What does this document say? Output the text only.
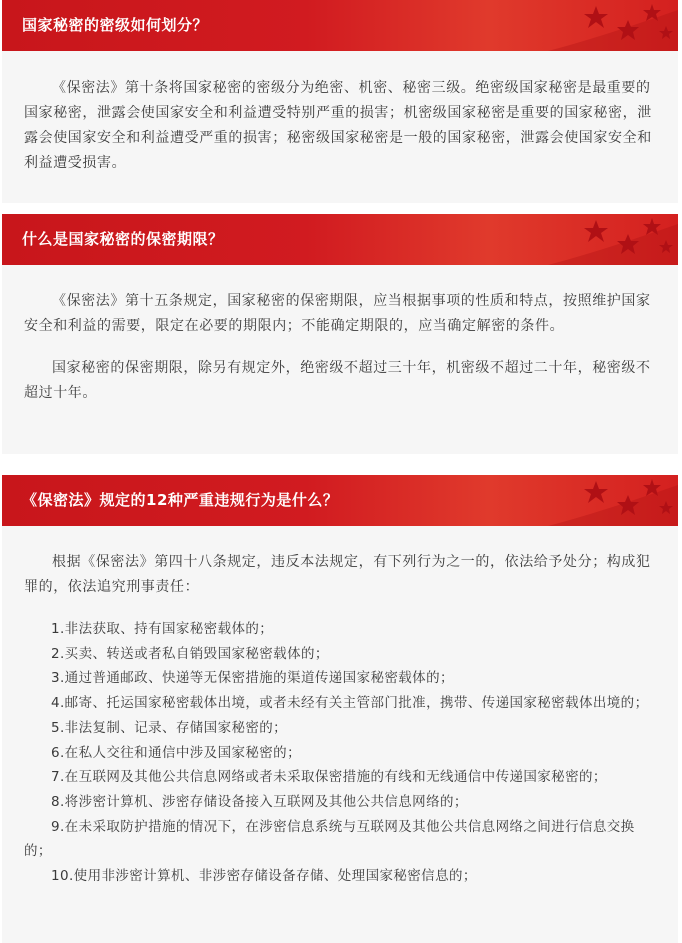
国家秘密的密级如何划分？

《保密法》第十条将国家秘密的密级分为绝密、机密、秘密三级。绝密级国家秘密是最重要的国家秘密，泄露会使国家安全和利益遭受特别严重的损害；机密级国家秘密是重要的国家秘密，泄露会使国家安全和利益遭受严重的损害；秘密级国家秘密是一般的国家秘密，泄露会使国家安全和利益遭受损害。

什么是国家秘密的保密期限？

《保密法》第十五条规定，国家秘密的保密期限，应当根据事项的性质和特点，按照维护国家安全和利益的需要，限定在必要的期限内；不能确定期限的，应当确定解密的条件。

国家秘密的保密期限，除另有规定外，绝密级不超过三十年，机密级不超过二十年，秘密级不超过十年。

《保密法》规定的12种严重违规行为是什么？

根据《保密法》第四十八条规定，违反本法规定，有下列行为之一的，依法给予处分；构成犯罪的，依法追究刑事责任：

1.非法获取、持有国家秘密载体的；

2.买卖、转送或者私自销毁国家秘密载体的；

3.通过普通邮政、快递等无保密措施的渠道传递国家秘密载体的；

4.邮寄、托运国家秘密载体出境，或者未经有关主管部门批准，携带、传递国家秘密载体出境的；

5.非法复制、记录、存储国家秘密的；

6.在私人交往和通信中涉及国家秘密的；

7.在互联网及其他公共信息网络或者未采取保密措施的有线和无线通信中传递国家秘密的；

8.将涉密计算机、涉密存储设备接入互联网及其他公共信息网络的；

9.在未采取防护措施的情况下，在涉密信息系统与互联网及其他公共信息网络之间进行信息交换的；

10.使用非涉密计算机、非涉密存储设备存储、处理国家秘密信息的；
